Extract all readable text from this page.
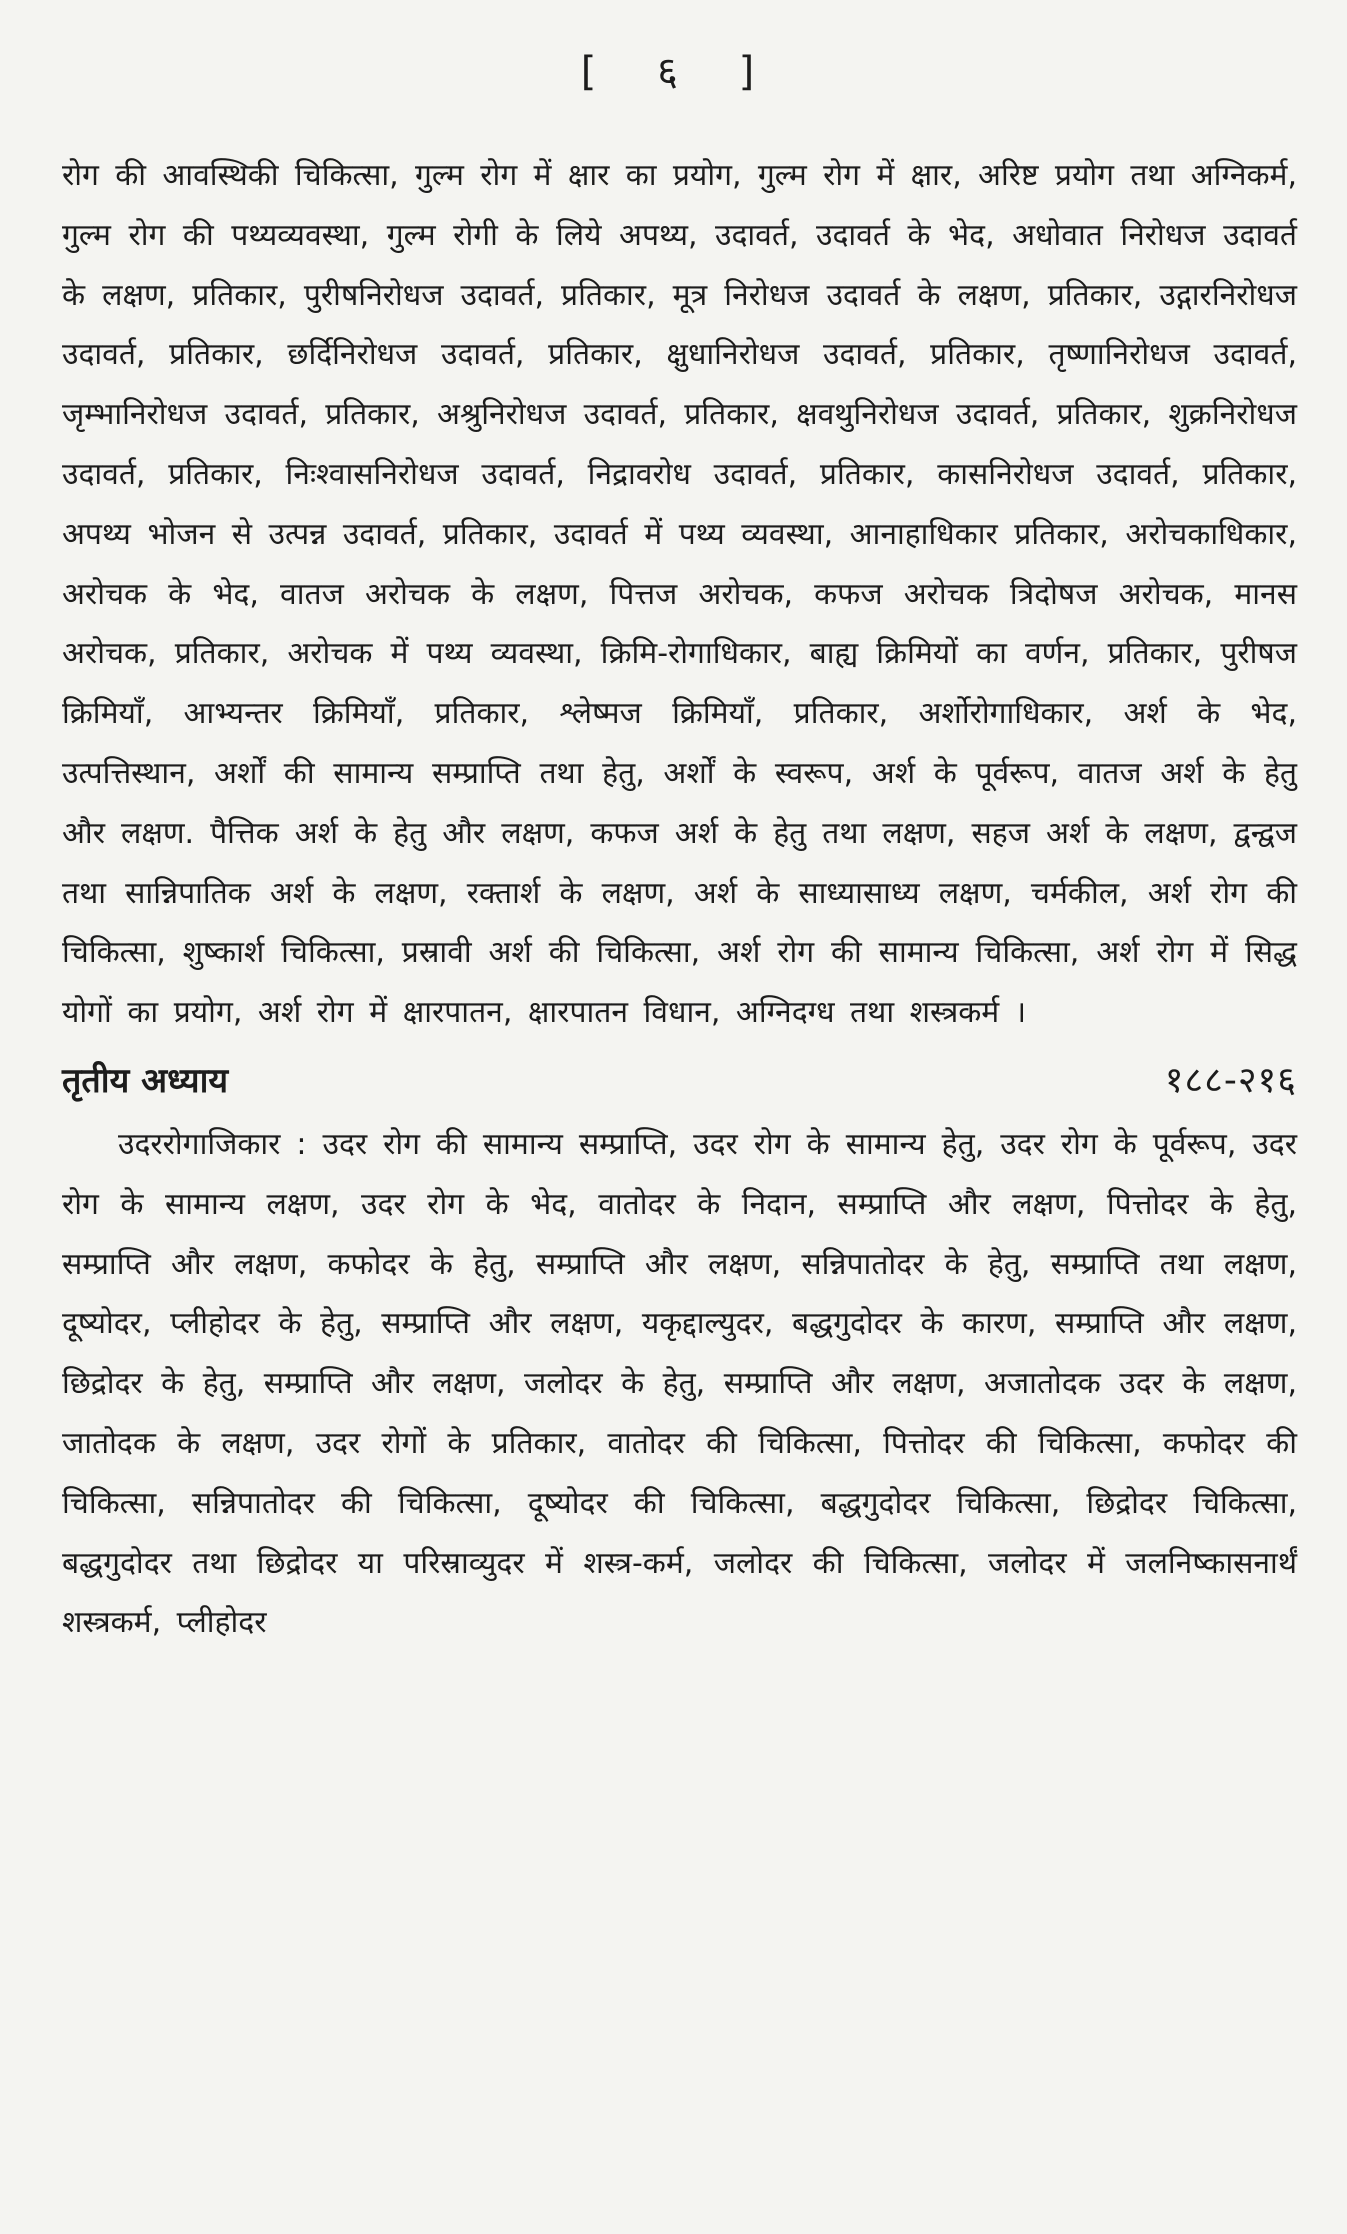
[ ६ ]

रोग की आवस्थिकी चिकित्सा, गुल्म रोग में क्षार का प्रयोग, गुल्म रोग में क्षार, अरिष्ट प्रयोग तथा अग्निकर्म, गुल्म रोग की पथ्यव्यवस्था, गुल्म रोगी के लिये अपथ्य, उदावर्त, उदावर्त के भेद, अधोवात निरोधज उदावर्त के लक्षण, प्रतिकार, पुरीषनिरोधज उदावर्त, प्रतिकार, मूत्र निरोधज उदावर्त के लक्षण, प्रतिकार, उद्गारनिरोधज उदावर्त, प्रतिकार, छर्दिनिरोधज उदावर्त, प्रतिकार, क्षुधानिरोधज उदावर्त, प्रतिकार, तृष्णानिरोधज उदावर्त, जृम्भानिरोधज उदावर्त, प्रतिकार, अश्रुनिरोधज उदावर्त, प्रतिकार, क्षवथुनिरोधज उदावर्त, प्रतिकार, शुक्रनिरोधज उदावर्त, प्रतिकार, निःश्वासनिरोधज उदावर्त, निद्रावरोध उदावर्त, प्रतिकार, कासनिरोधज उदावर्त, प्रतिकार, अपथ्य भोजन से उत्पन्न उदावर्त, प्रतिकार, उदावर्त में पथ्य व्यवस्था, आनाहाधिकार प्रतिकार, अरोचकाधिकार, अरोचक के भेद, वातज अरोचक के लक्षण, पित्तज अरोचक, कफज अरोचक त्रिदोषज अरोचक, मानस अरोचक, प्रतिकार, अरोचक में पथ्य व्यवस्था, क्रिमि-रोगाधिकार, बाह्य क्रिमियों का वर्णन, प्रतिकार, पुरीषज क्रिमियाँ, आभ्यन्तर क्रिमियाँ, प्रतिकार, श्लेष्मज क्रिमियाँ, प्रतिकार, अर्शोरोगाधिकार, अर्श के भेद, उत्पत्तिस्थान, अर्शों की सामान्य सम्प्राप्ति तथा हेतु, अर्शों के स्वरूप, अर्श के पूर्वरूप, वातज अर्श के हेतु और लक्षण. पैत्तिक अर्श के हेतु और लक्षण, कफज अर्श के हेतु तथा लक्षण, सहज अर्श के लक्षण, द्वन्द्वज तथा सान्निपातिक अर्श के लक्षण, रक्तार्श के लक्षण, अर्श के साध्यासाध्य लक्षण, चर्मकील, अर्श रोग की चिकित्सा, शुष्कार्श चिकित्सा, प्रस्रावी अर्श की चिकित्सा, अर्श रोग की सामान्य चिकित्सा, अर्श रोग में सिद्ध योगों का प्रयोग, अर्श रोग में क्षारपातन, क्षारपातन विधान, अग्निदग्ध तथा शस्त्रकर्म ।

तृतीय अध्याय	१८८-२१६

उदररोगाजिकार : उदर रोग की सामान्य सम्प्राप्ति, उदर रोग के सामान्य हेतु, उदर रोग के पूर्वरूप, उदर रोग के सामान्य लक्षण, उदर रोग के भेद, वातोदर के निदान, सम्प्राप्ति और लक्षण, पित्तोदर के हेतु, सम्प्राप्ति और लक्षण, कफोदर के हेतु, सम्प्राप्ति और लक्षण, सन्निपातोदर के हेतु, सम्प्राप्ति तथा लक्षण, दूष्योदर, प्लीहोदर के हेतु, सम्प्राप्ति और लक्षण, यकृद्दाल्युदर, बद्धगुदोदर के कारण, सम्प्राप्ति और लक्षण, छिद्रोदर के हेतु, सम्प्राप्ति और लक्षण, जलोदर के हेतु, सम्प्राप्ति और लक्षण, अजातोदक उदर के लक्षण, जातोदक के लक्षण, उदर रोगों के प्रतिकार, वातोदर की चिकित्सा, पित्तोदर की चिकित्सा, कफोदर की चिकित्सा, सन्निपातोदर की चिकित्सा, दूष्योदर की चिकित्सा, बद्धगुदोदर चिकित्सा, छिद्रोदर चिकित्सा, बद्धगुदोदर तथा छिद्रोदर या परिस्राव्युदर में शस्त्र-कर्म, जलोदर की चिकित्सा, जलोदर में जलनिष्कासनार्थं शस्त्रकर्म, प्लीहोदर
